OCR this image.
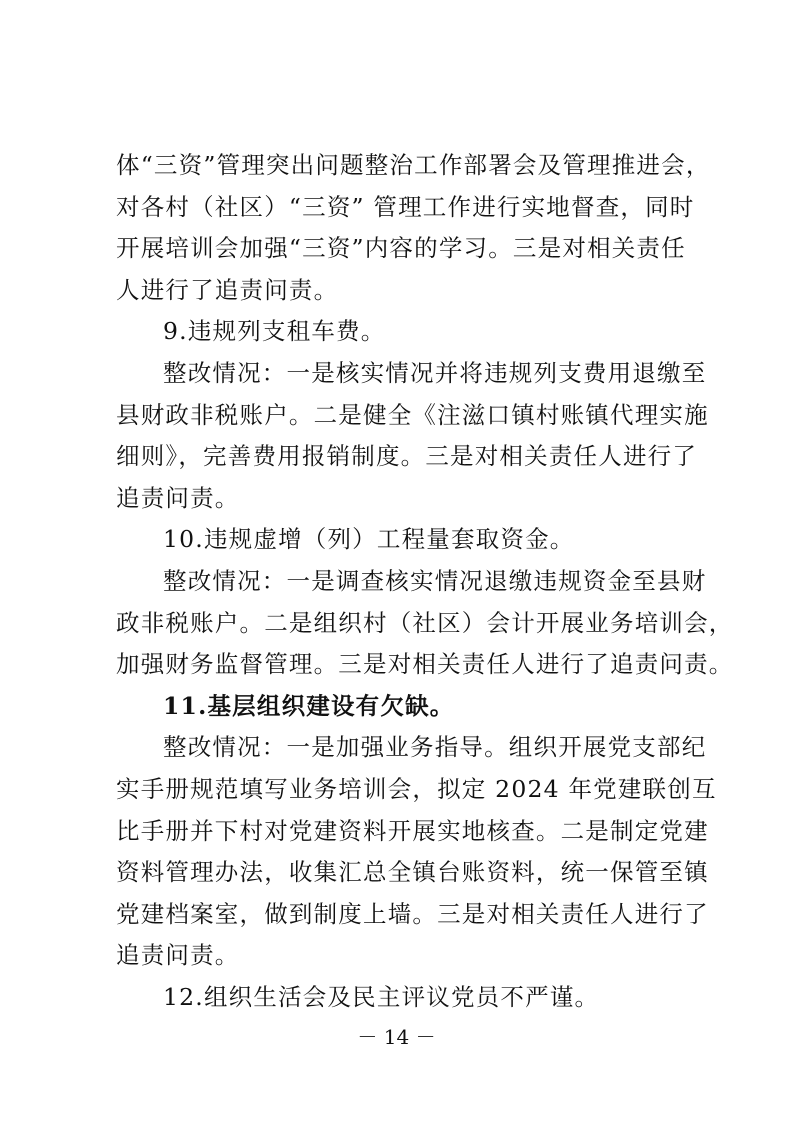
体“三资”管理突出问题整治工作部署会及管理推进会，
对各村（社区）“三资” 管理工作进行实地督查，同时
开展培训会加强“三资”内容的学习。三是对相关责任
人进行了追责问责。
9.违规列支租车费。
整改情况：一是核实情况并将违规列支费用退缴至
县财政非税账户。二是健全《注滋口镇村账镇代理实施
细则》，完善费用报销制度。三是对相关责任人进行了
追责问责。
10.违规虚增（列）工程量套取资金。
整改情况：一是调查核实情况退缴违规资金至县财
政非税账户。二是组织村（社区）会计开展业务培训会，
加强财务监督管理。三是对相关责任人进行了追责问责。
11.基层组织建设有欠缺。
整改情况：一是加强业务指导。组织开展党支部纪
实手册规范填写业务培训会，拟定 2024 年党建联创互
比手册并下村对党建资料开展实地核查。二是制定党建
资料管理办法，收集汇总全镇台账资料，统一保管至镇
党建档案室，做到制度上墙。三是对相关责任人进行了
追责问责。
12.组织生活会及民主评议党员不严谨。
－ 14 －
